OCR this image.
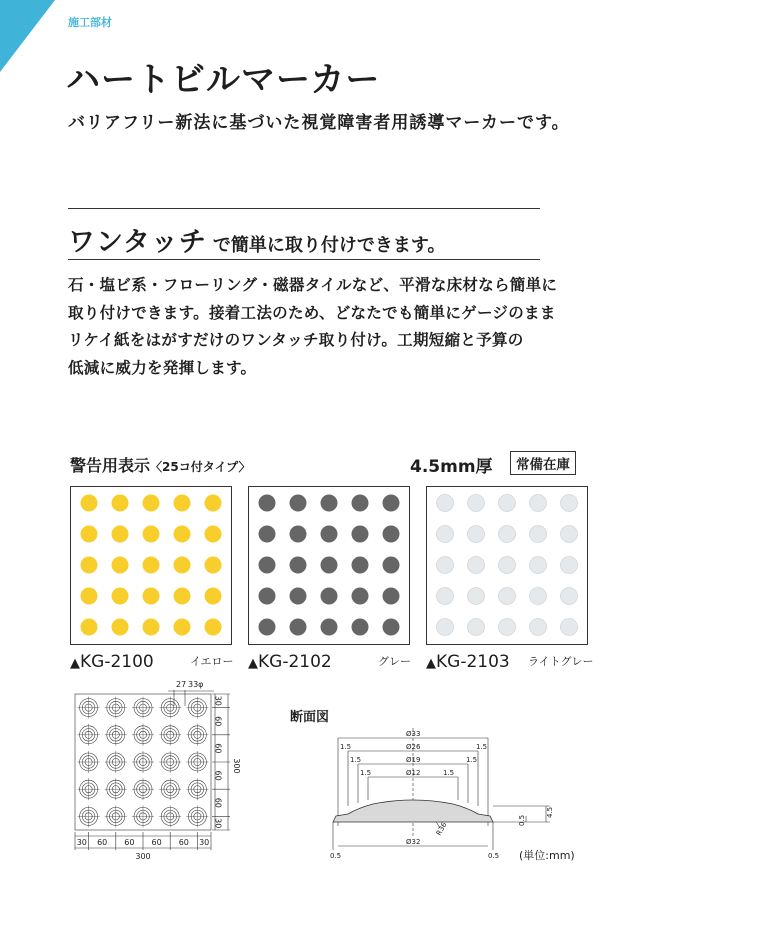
施工部材
ハートビルマーカー
バリアフリー新法に基づいた視覚障害者用誘導マーカーです。
ワンタッチ で簡単に取り付けできます。
石・塩ビ系・フローリング・磁器タイルなど、平滑な床材なら簡単に
取り付けできます。接着工法のため、どなたでも簡単にゲージのまま
リケイ紙をはがすだけのワンタッチ取り付け。工期短縮と予算の
低減に威力を発揮します。
警告用表示〈25コ付タイプ〉	4.5mm厚	常備在庫
▲KG-2100	イエロー ▲KG-2102	グレー ▲KG-2103 ライトグレー
27 33φ
30
60
60
60
60
30
30 60 60 60 60 30
300
300
断面図
Ø33
Ø26
Ø19
Ø12
Ø32
1.5	1.5
1.5	1.5
1.5	1.5
0.5	0.5
0.5
4.5
R36
(単位:mm)
